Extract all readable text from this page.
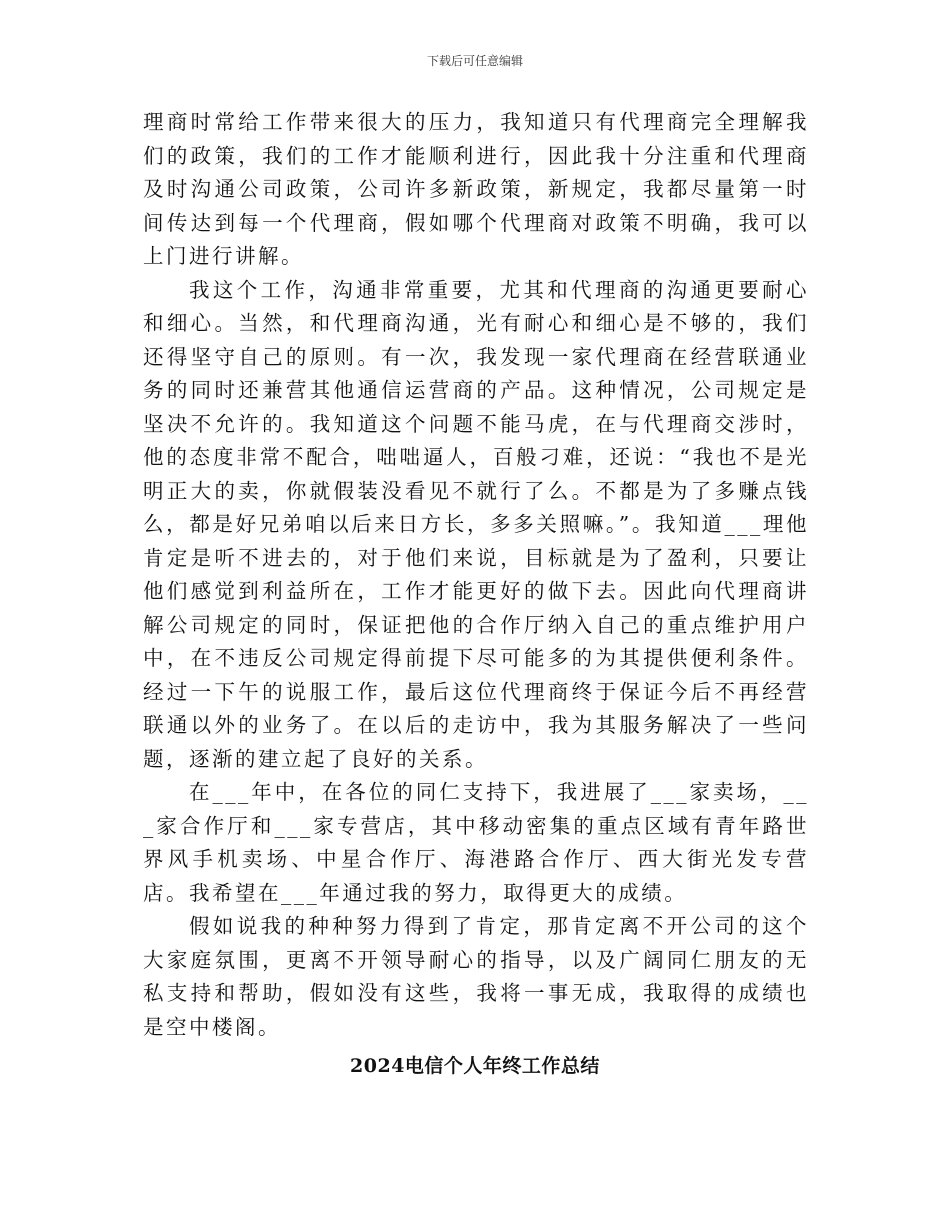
下载后可任意编辑

理商时常给工作带来很大的压力，我知道只有代理商完全理解我们的政策，我们的工作才能顺利进行，因此我十分注重和代理商及时沟通公司政策，公司许多新政策，新规定，我都尽量第一时间传达到每一个代理商，假如哪个代理商对政策不明确，我可以上门进行讲解。

我这个工作，沟通非常重要，尤其和代理商的沟通更要耐心和细心。当然，和代理商沟通，光有耐心和细心是不够的，我们还得坚守自己的原则。有一次，我发现一家代理商在经营联通业务的同时还兼营其他通信运营商的产品。这种情况，公司规定是坚决不允许的。我知道这个问题不能马虎，在与代理商交涉时，他的态度非常不配合，咄咄逼人，百般刁难，还说：“我也不是光明正大的卖，你就假装没看见不就行了么。不都是为了多赚点钱么，都是好兄弟咱以后来日方长，多多关照嘛。”。我知道___理他肯定是听不进去的，对于他们来说，目标就是为了盈利，只要让他们感觉到利益所在，工作才能更好的做下去。因此向代理商讲解公司规定的同时，保证把他的合作厅纳入自己的重点维护用户中，在不违反公司规定得前提下尽可能多的为其提供便利条件。经过一下午的说服工作，最后这位代理商终于保证今后不再经营联通以外的业务了。在以后的走访中，我为其服务解决了一些问题，逐渐的建立起了良好的关系。

在___年中，在各位的同仁支持下，我进展了___家卖场，___家合作厅和___家专营店，其中移动密集的重点区域有青年路世界风手机卖场、中星合作厅、海港路合作厅、西大街光发专营店。我希望在___年通过我的努力，取得更大的成绩。

假如说我的种种努力得到了肯定，那肯定离不开公司的这个大家庭氛围，更离不开领导耐心的指导，以及广阔同仁朋友的无私支持和帮助，假如没有这些，我将一事无成，我取得的成绩也是空中楼阁。

2024电信个人年终工作总结
